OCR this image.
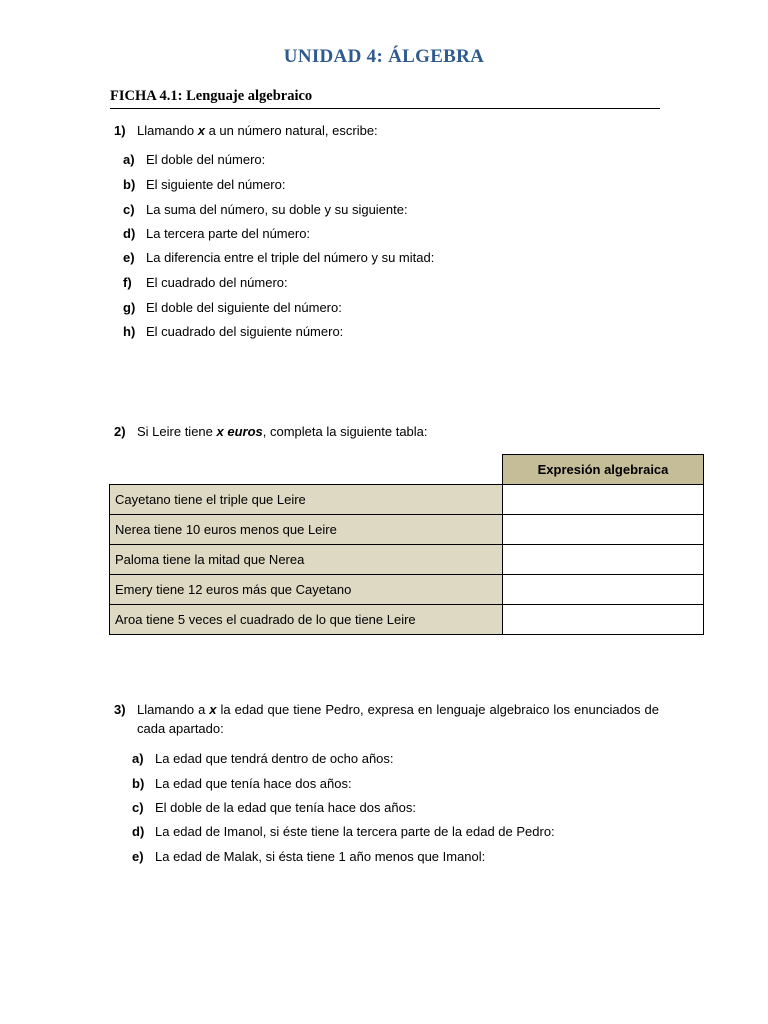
UNIDAD 4: ÁLGEBRA
FICHA 4.1: Lenguaje algebraico
1) Llamando x a un número natural, escribe:
a) El doble del número:
b) El siguiente del número:
c) La suma del número, su doble y su siguiente:
d) La tercera parte del número:
e) La diferencia entre el triple del número y su mitad:
f) El cuadrado del número:
g) El doble del siguiente del número:
h) El cuadrado del siguiente número:
2) Si Leire tiene x euros, completa la siguiente tabla:
	Expresión algebraica
Cayetano tiene el triple que Leire	
Nerea tiene 10 euros menos que Leire	
Paloma tiene la mitad que Nerea	
Emery tiene 12 euros más que Cayetano	
Aroa tiene 5 veces el cuadrado de lo que tiene Leire	
3) Llamando a x la edad que tiene Pedro, expresa en lenguaje algebraico los enunciados de cada apartado:
a) La edad que tendrá dentro de ocho años:
b) La edad que tenía hace dos años:
c) El doble de la edad que tenía hace dos años:
d) La edad de Imanol, si éste tiene la tercera parte de la edad de Pedro:
e) La edad de Malak, si ésta tiene 1 año menos que Imanol:
